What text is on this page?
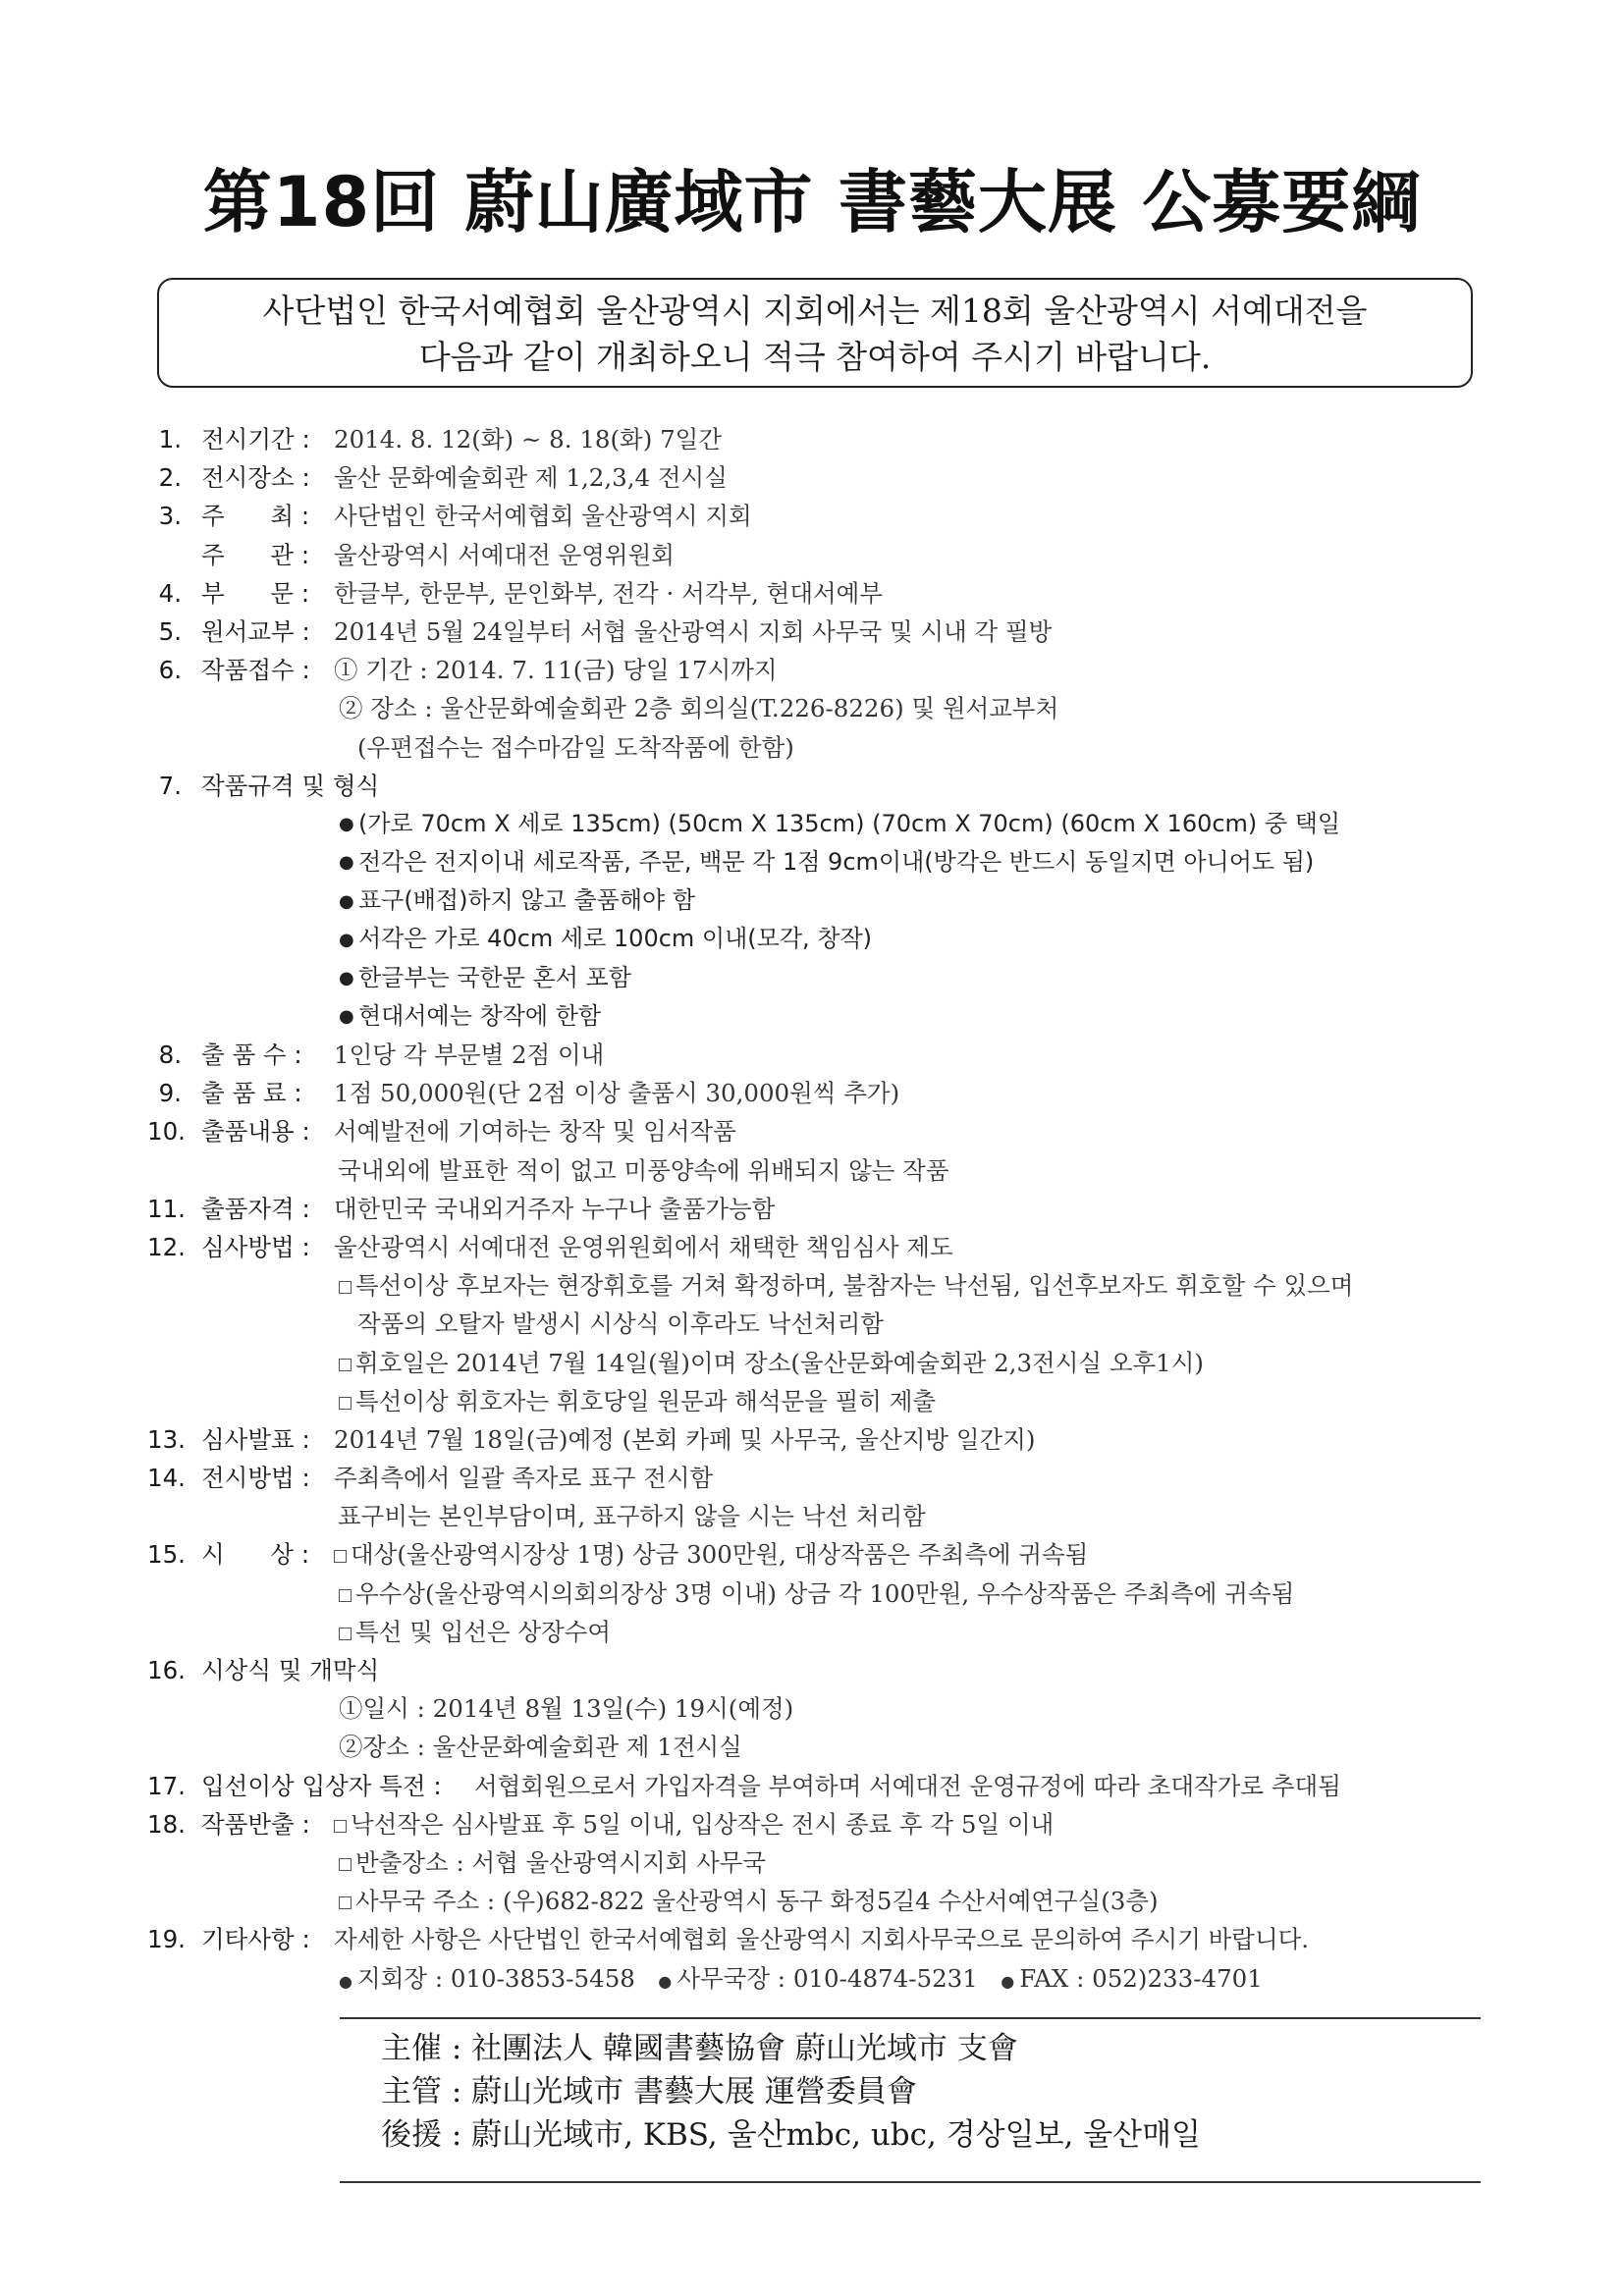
第18回 蔚山廣域市 書藝大展 公募要綱
사단법인 한국서예협회 울산광역시 지회에서는 제18회 울산광역시 서예대전을
다음과 같이 개최하오니 적극 참여하여 주시기 바랍니다.
1. 전시기간 : 2014. 8. 12(화) ~ 8. 18(화) 7일간
2. 전시장소 : 울산 문화예술회관 제 1,2,3,4 전시실
3. 주      최 : 사단법인 한국서예협회 울산광역시 지회
주      관 : 울산광역시 서예대전 운영위원회
4. 부      문 : 한글부, 한문부, 문인화부, 전각 · 서각부, 현대서예부
5. 원서교부 : 2014년 5월 24일부터 서협 울산광역시 지회 사무국 및 시내 각 필방
6. 작품접수 : ① 기간 : 2014. 7. 11(금) 당일 17시까지
② 장소 : 울산문화예술회관 2층 회의실(T.226-8226) 및 원서교부처
(우편접수는 접수마감일 도착작품에 한함)
7. 작품규격 및 형식
● (가로 70cm X 세로 135cm) (50cm X 135cm) (70cm X 70cm) (60cm X 160cm) 중 택일
● 전각은 전지이내 세로작품, 주문, 백문 각 1점 9cm이내(방각은 반드시 동일지면 아니어도 됨)
● 표구(배접)하지 않고 출품해야 함
● 서각은 가로 40cm 세로 100cm 이내(모각, 창작)
● 한글부는 국한문 혼서 포함
● 현대서예는 창작에 한함
8. 출 품 수 : 1인당 각 부문별 2점 이내
9. 출 품 료 : 1점 50,000원(단 2점 이상 출품시 30,000원씩 추가)
10. 출품내용 : 서예발전에 기여하는 창작 및 임서작품
국내외에 발표한 적이 없고 미풍양속에 위배되지 않는 작품
11. 출품자격 : 대한민국 국내외거주자 누구나 출품가능함
12. 심사방법 : 울산광역시 서예대전 운영위원회에서 채택한 책임심사 제도
특선이상 후보자는 현장휘호를 거쳐 확정하며, 불참자는 낙선됨, 입선후보자도 휘호할 수 있으며
작품의 오탈자 발생시 시상식 이후라도 낙선처리함
휘호일은 2014년 7월 14일(월)이며 장소(울산문화예술회관 2,3전시실 오후1시)
특선이상 휘호자는 휘호당일 원문과 해석문을 필히 제출
13. 심사발표 : 2014년 7월 18일(금)예정 (본회 카페 및 사무국, 울산지방 일간지)
14. 전시방법 : 주최측에서 일괄 족자로 표구 전시함
표구비는 본인부담이며, 표구하지 않을 시는 낙선 처리함
15. 시      상 :	대상(울산광역시장상 1명) 상금 300만원, 대상작품은 주최측에 귀속됨
우수상(울산광역시의회의장상 3명 이내) 상금 각 100만원, 우수상작품은 주최측에 귀속됨
특선 및 입선은 상장수여
16. 시상식 및 개막식
①일시 : 2014년 8월 13일(수) 19시(예정)
②장소 : 울산문화예술회관 제 1전시실
17. 입선이상 입상자 특전 : 서협회원으로서 가입자격을 부여하며 서예대전 운영규정에 따라 초대작가로 추대됨
18. 작품반출 :	낙선작은 심사발표 후 5일 이내, 입상작은 전시 종료 후 각 5일 이내
반출장소 : 서협 울산광역시지회 사무국
사무국 주소 : (우)682-822 울산광역시 동구 화정5길4 수산서예연구실(3층)
19. 기타사항 : 자세한 사항은 사단법인 한국서예협회 울산광역시 지회사무국으로 문의하여 주시기 바랍니다.
● 지회장 : 010-3853-5458 ● 사무국장 : 010-4874-5231 ● FAX : 052)233-4701
主催 : 社團法人 韓國書藝協會 蔚山光域市 支會
主管 : 蔚山光域市 書藝大展 運營委員會
後援 : 蔚山光域市, KBS, 울산mbc, ubc, 경상일보, 울산매일
